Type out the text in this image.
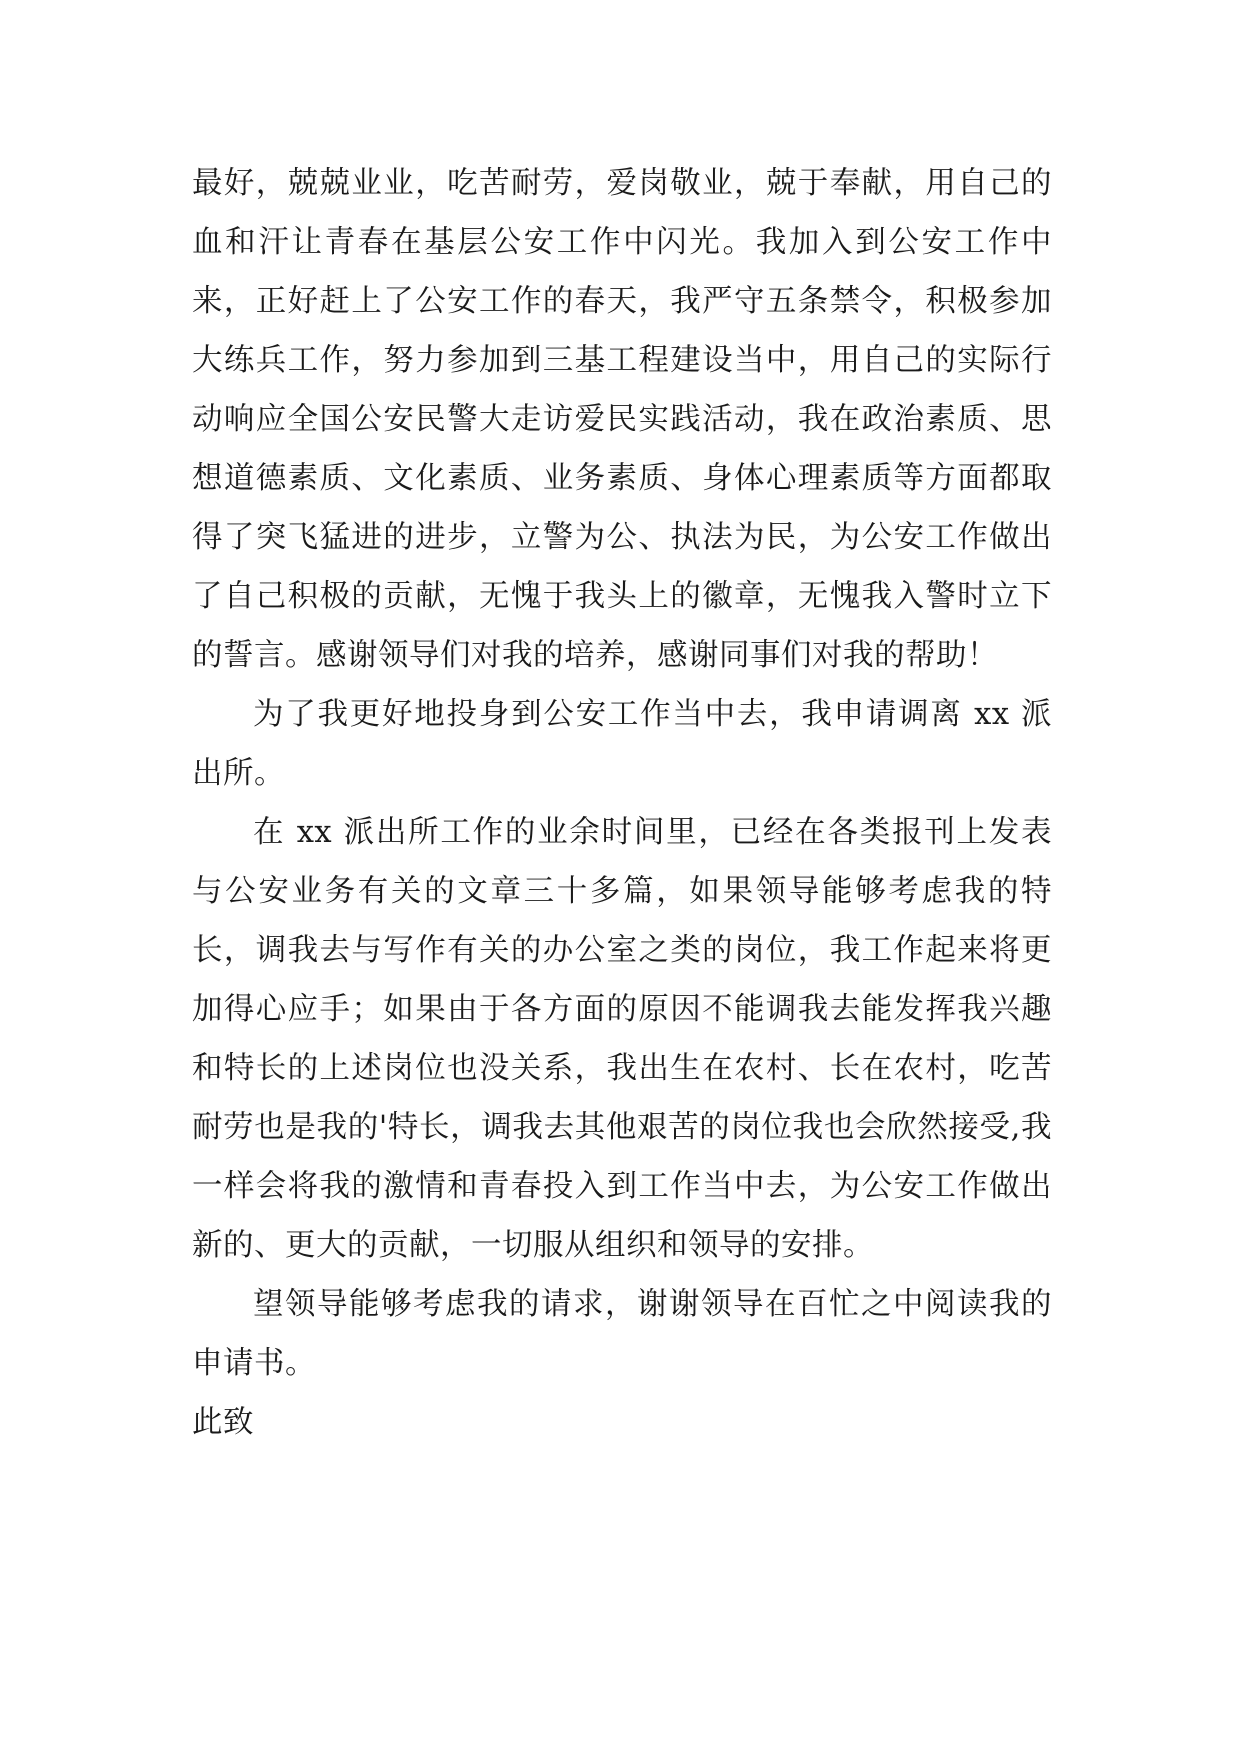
最好，兢兢业业，吃苦耐劳，爱岗敬业，兢于奉献，用自己的血和汗让青春在基层公安工作中闪光。我加入到公安工作中来，正好赶上了公安工作的春天，我严守五条禁令，积极参加大练兵工作，努力参加到三基工程建设当中，用自己的实际行动响应全国公安民警大走访爱民实践活动，我在政治素质、思想道德素质、文化素质、业务素质、身体心理素质等方面都取得了突飞猛进的进步，立警为公、执法为民，为公安工作做出了自己积极的贡献，无愧于我头上的徽章，无愧我入警时立下的誓言。感谢领导们对我的培养，感谢同事们对我的帮助！

为了我更好地投身到公安工作当中去，我申请调离 xx 派出所。

在 xx 派出所工作的业余时间里，已经在各类报刊上发表与公安业务有关的文章三十多篇，如果领导能够考虑我的特长，调我去与写作有关的办公室之类的岗位，我工作起来将更加得心应手；如果由于各方面的原因不能调我去能发挥我兴趣和特长的上述岗位也没关系，我出生在农村、长在农村，吃苦耐劳也是我的'特长，调我去其他艰苦的岗位我也会欣然接受,我一样会将我的激情和青春投入到工作当中去，为公安工作做出新的、更大的贡献，一切服从组织和领导的安排。

望领导能够考虑我的请求，谢谢领导在百忙之中阅读我的申请书。

此致
